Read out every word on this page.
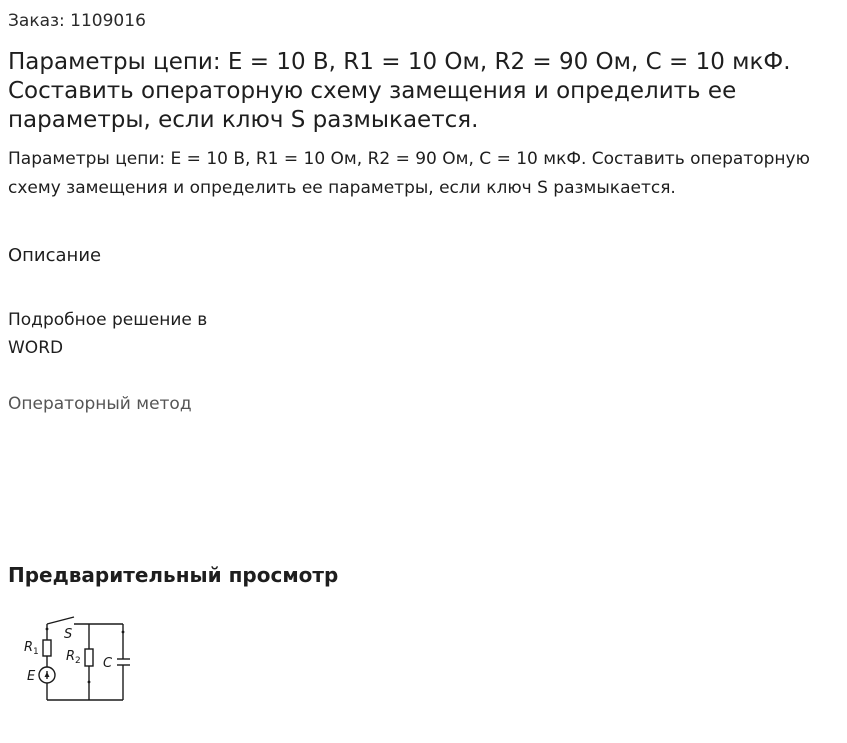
Заказ: 1109016
Параметры цепи: E = 10 В, R1 = 10 Ом, R2 = 90 Ом, C = 10 мкФ. Составить операторную схему замещения и определить ее параметры, если ключ S размыкается.

Параметры цепи: E = 10 В, R1 = 10 Ом, R2 = 90 Ом, C = 10 мкФ. Составить операторную схему замещения и определить ее параметры, если ключ S размыкается.

Описание

Подробное решение в WORD

Операторный метод
Предварительный просмотр
S
R 1 R 2 C
E
